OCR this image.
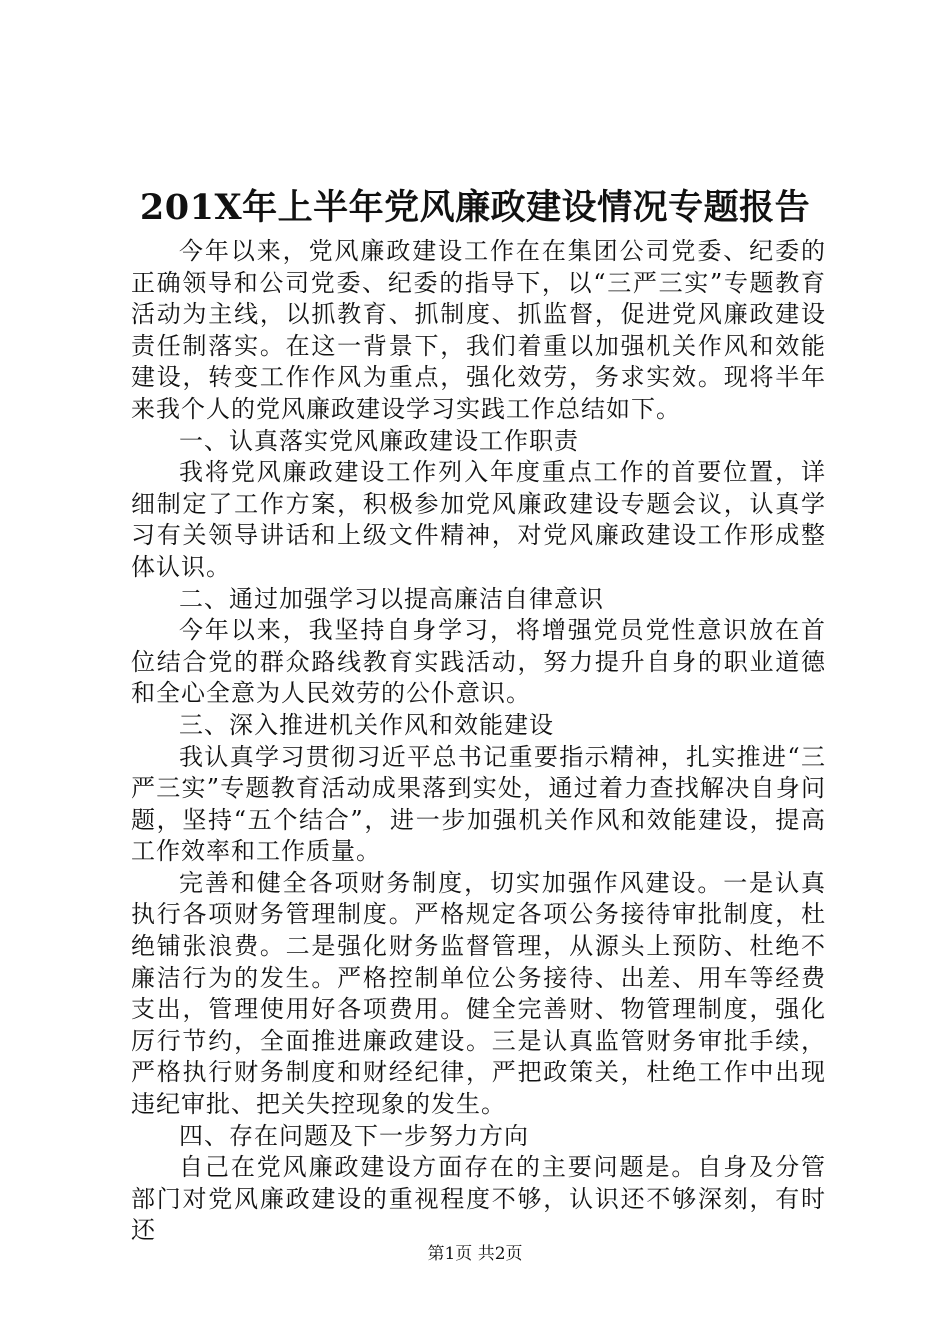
201X年上半年党风廉政建设情况专题报告

今年以来，党风廉政建设工作在在集团公司党委、纪委的正确领导和公司党委、纪委的指导下，以“三严三实”专题教育活动为主线，以抓教育、抓制度、抓监督，促进党风廉政建设责任制落实。在这一背景下，我们着重以加强机关作风和效能建设，转变工作作风为重点，强化效劳，务求实效。现将半年来我个人的党风廉政建设学习实践工作总结如下。

一、认真落实党风廉政建设工作职责

我将党风廉政建设工作列入年度重点工作的首要位置，详细制定了工作方案，积极参加党风廉政建设专题会议，认真学习有关领导讲话和上级文件精神，对党风廉政建设工作形成整体认识。

二、通过加强学习以提高廉洁自律意识

今年以来，我坚持自身学习，将增强党员党性意识放在首位结合党的群众路线教育实践活动，努力提升自身的职业道德和全心全意为人民效劳的公仆意识。

三、深入推进机关作风和效能建设

我认真学习贯彻习近平总书记重要指示精神，扎实推进“三严三实”专题教育活动成果落到实处，通过着力查找解决自身问题，坚持“五个结合”，进一步加强机关作风和效能建设，提高工作效率和工作质量。

完善和健全各项财务制度，切实加强作风建设。一是认真执行各项财务管理制度。严格规定各项公务接待审批制度，杜绝铺张浪费。二是强化财务监督管理，从源头上预防、杜绝不廉洁行为的发生。严格控制单位公务接待、出差、用车等经费支出，管理使用好各项费用。健全完善财、物管理制度，强化厉行节约，全面推进廉政建设。三是认真监管财务审批手续，严格执行财务制度和财经纪律，严把政策关，杜绝工作中出现违纪审批、把关失控现象的发生。

四、存在问题及下一步努力方向

自己在党风廉政建设方面存在的主要问题是。自身及分管部门对党风廉政建设的重视程度不够，认识还不够深刻，有时还

第1页 共2页
